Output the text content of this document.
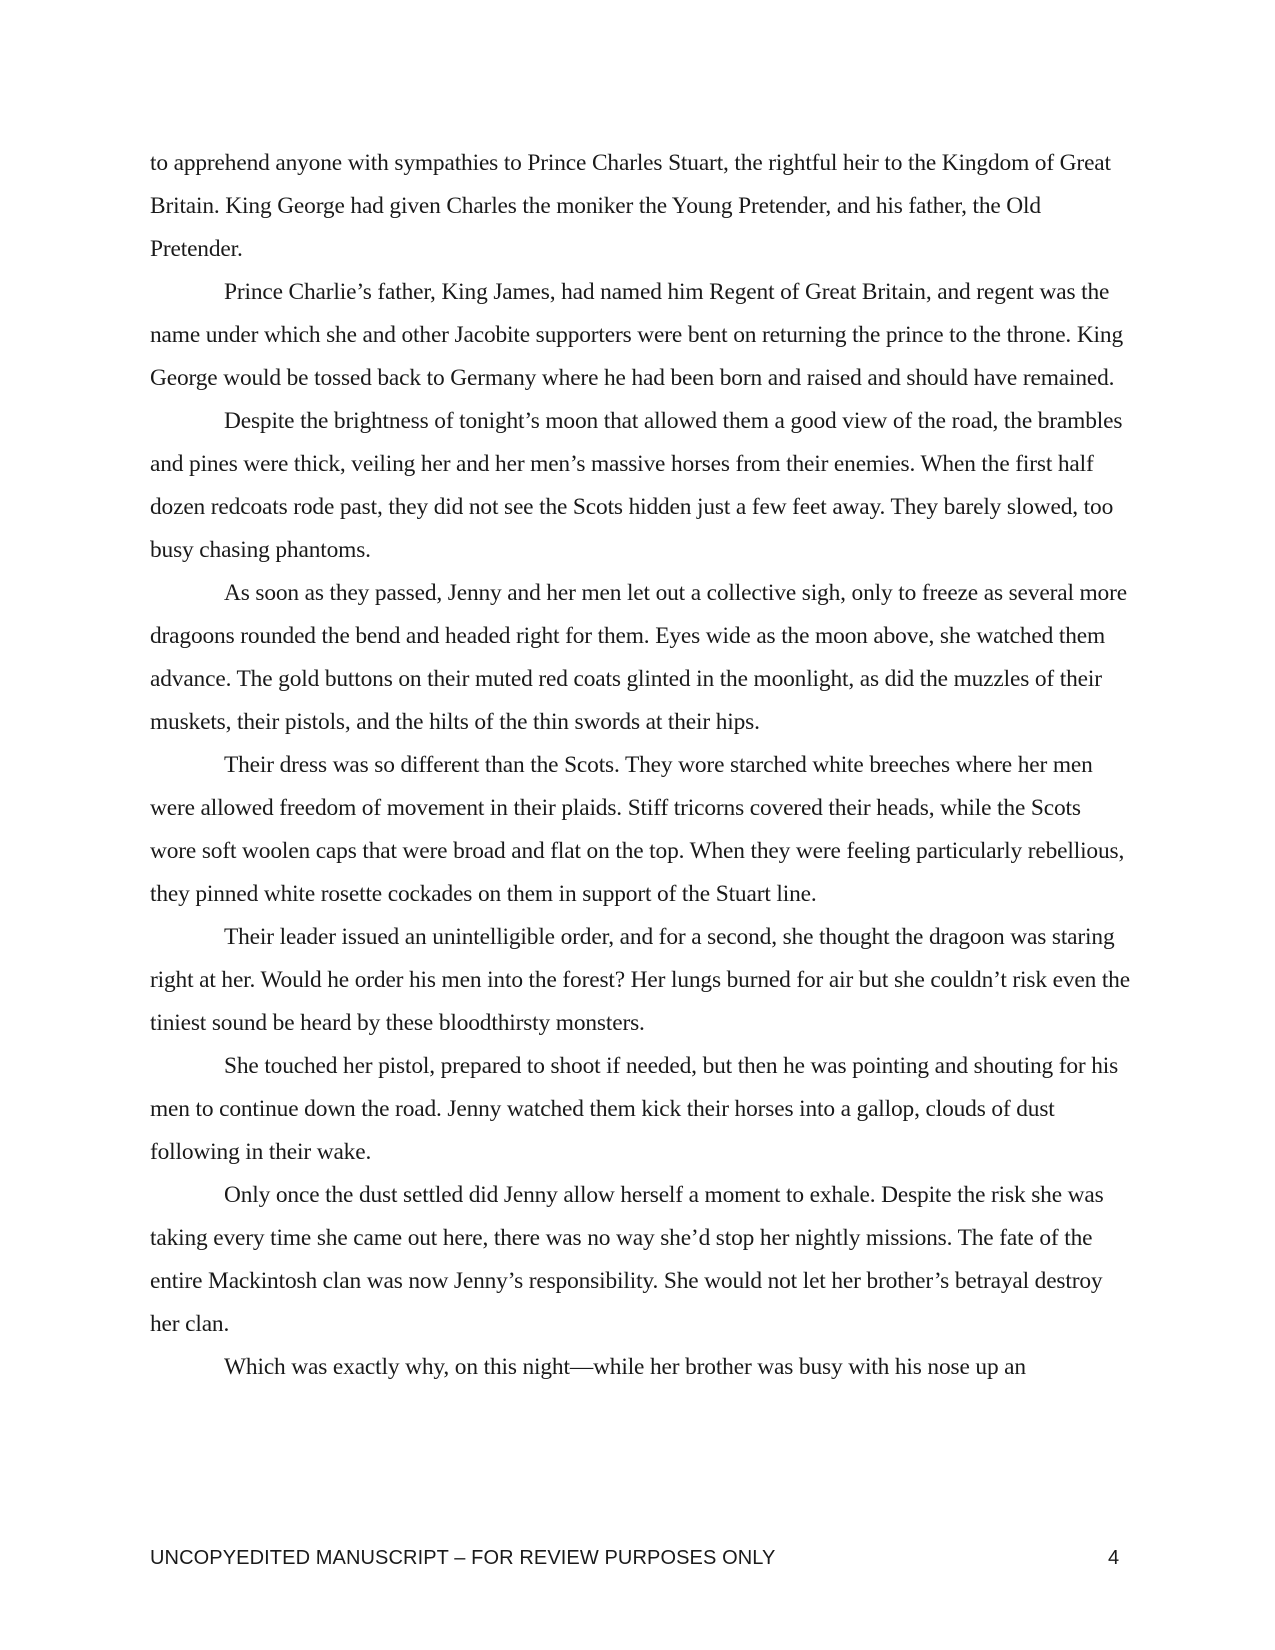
to apprehend anyone with sympathies to Prince Charles Stuart, the rightful heir to the Kingdom of Great Britain. King George had given Charles the moniker the Young Pretender, and his father, the Old Pretender.

Prince Charlie’s father, King James, had named him Regent of Great Britain, and regent was the name under which she and other Jacobite supporters were bent on returning the prince to the throne. King George would be tossed back to Germany where he had been born and raised and should have remained.

Despite the brightness of tonight’s moon that allowed them a good view of the road, the brambles and pines were thick, veiling her and her men’s massive horses from their enemies. When the first half dozen redcoats rode past, they did not see the Scots hidden just a few feet away. They barely slowed, too busy chasing phantoms.

As soon as they passed, Jenny and her men let out a collective sigh, only to freeze as several more dragoons rounded the bend and headed right for them. Eyes wide as the moon above, she watched them advance. The gold buttons on their muted red coats glinted in the moonlight, as did the muzzles of their muskets, their pistols, and the hilts of the thin swords at their hips.

Their dress was so different than the Scots. They wore starched white breeches where her men were allowed freedom of movement in their plaids. Stiff tricorns covered their heads, while the Scots wore soft woolen caps that were broad and flat on the top. When they were feeling particularly rebellious, they pinned white rosette cockades on them in support of the Stuart line.

Their leader issued an unintelligible order, and for a second, she thought the dragoon was staring right at her. Would he order his men into the forest? Her lungs burned for air but she couldn’t risk even the tiniest sound be heard by these bloodthirsty monsters.

She touched her pistol, prepared to shoot if needed, but then he was pointing and shouting for his men to continue down the road. Jenny watched them kick their horses into a gallop, clouds of dust following in their wake.

Only once the dust settled did Jenny allow herself a moment to exhale. Despite the risk she was taking every time she came out here, there was no way she’d stop her nightly missions. The fate of the entire Mackintosh clan was now Jenny’s responsibility. She would not let her brother’s betrayal destroy her clan.

Which was exactly why, on this night—while her brother was busy with his nose up an

UNCOPYEDITED MANUSCRIPT – FOR REVIEW PURPOSES ONLY	4
